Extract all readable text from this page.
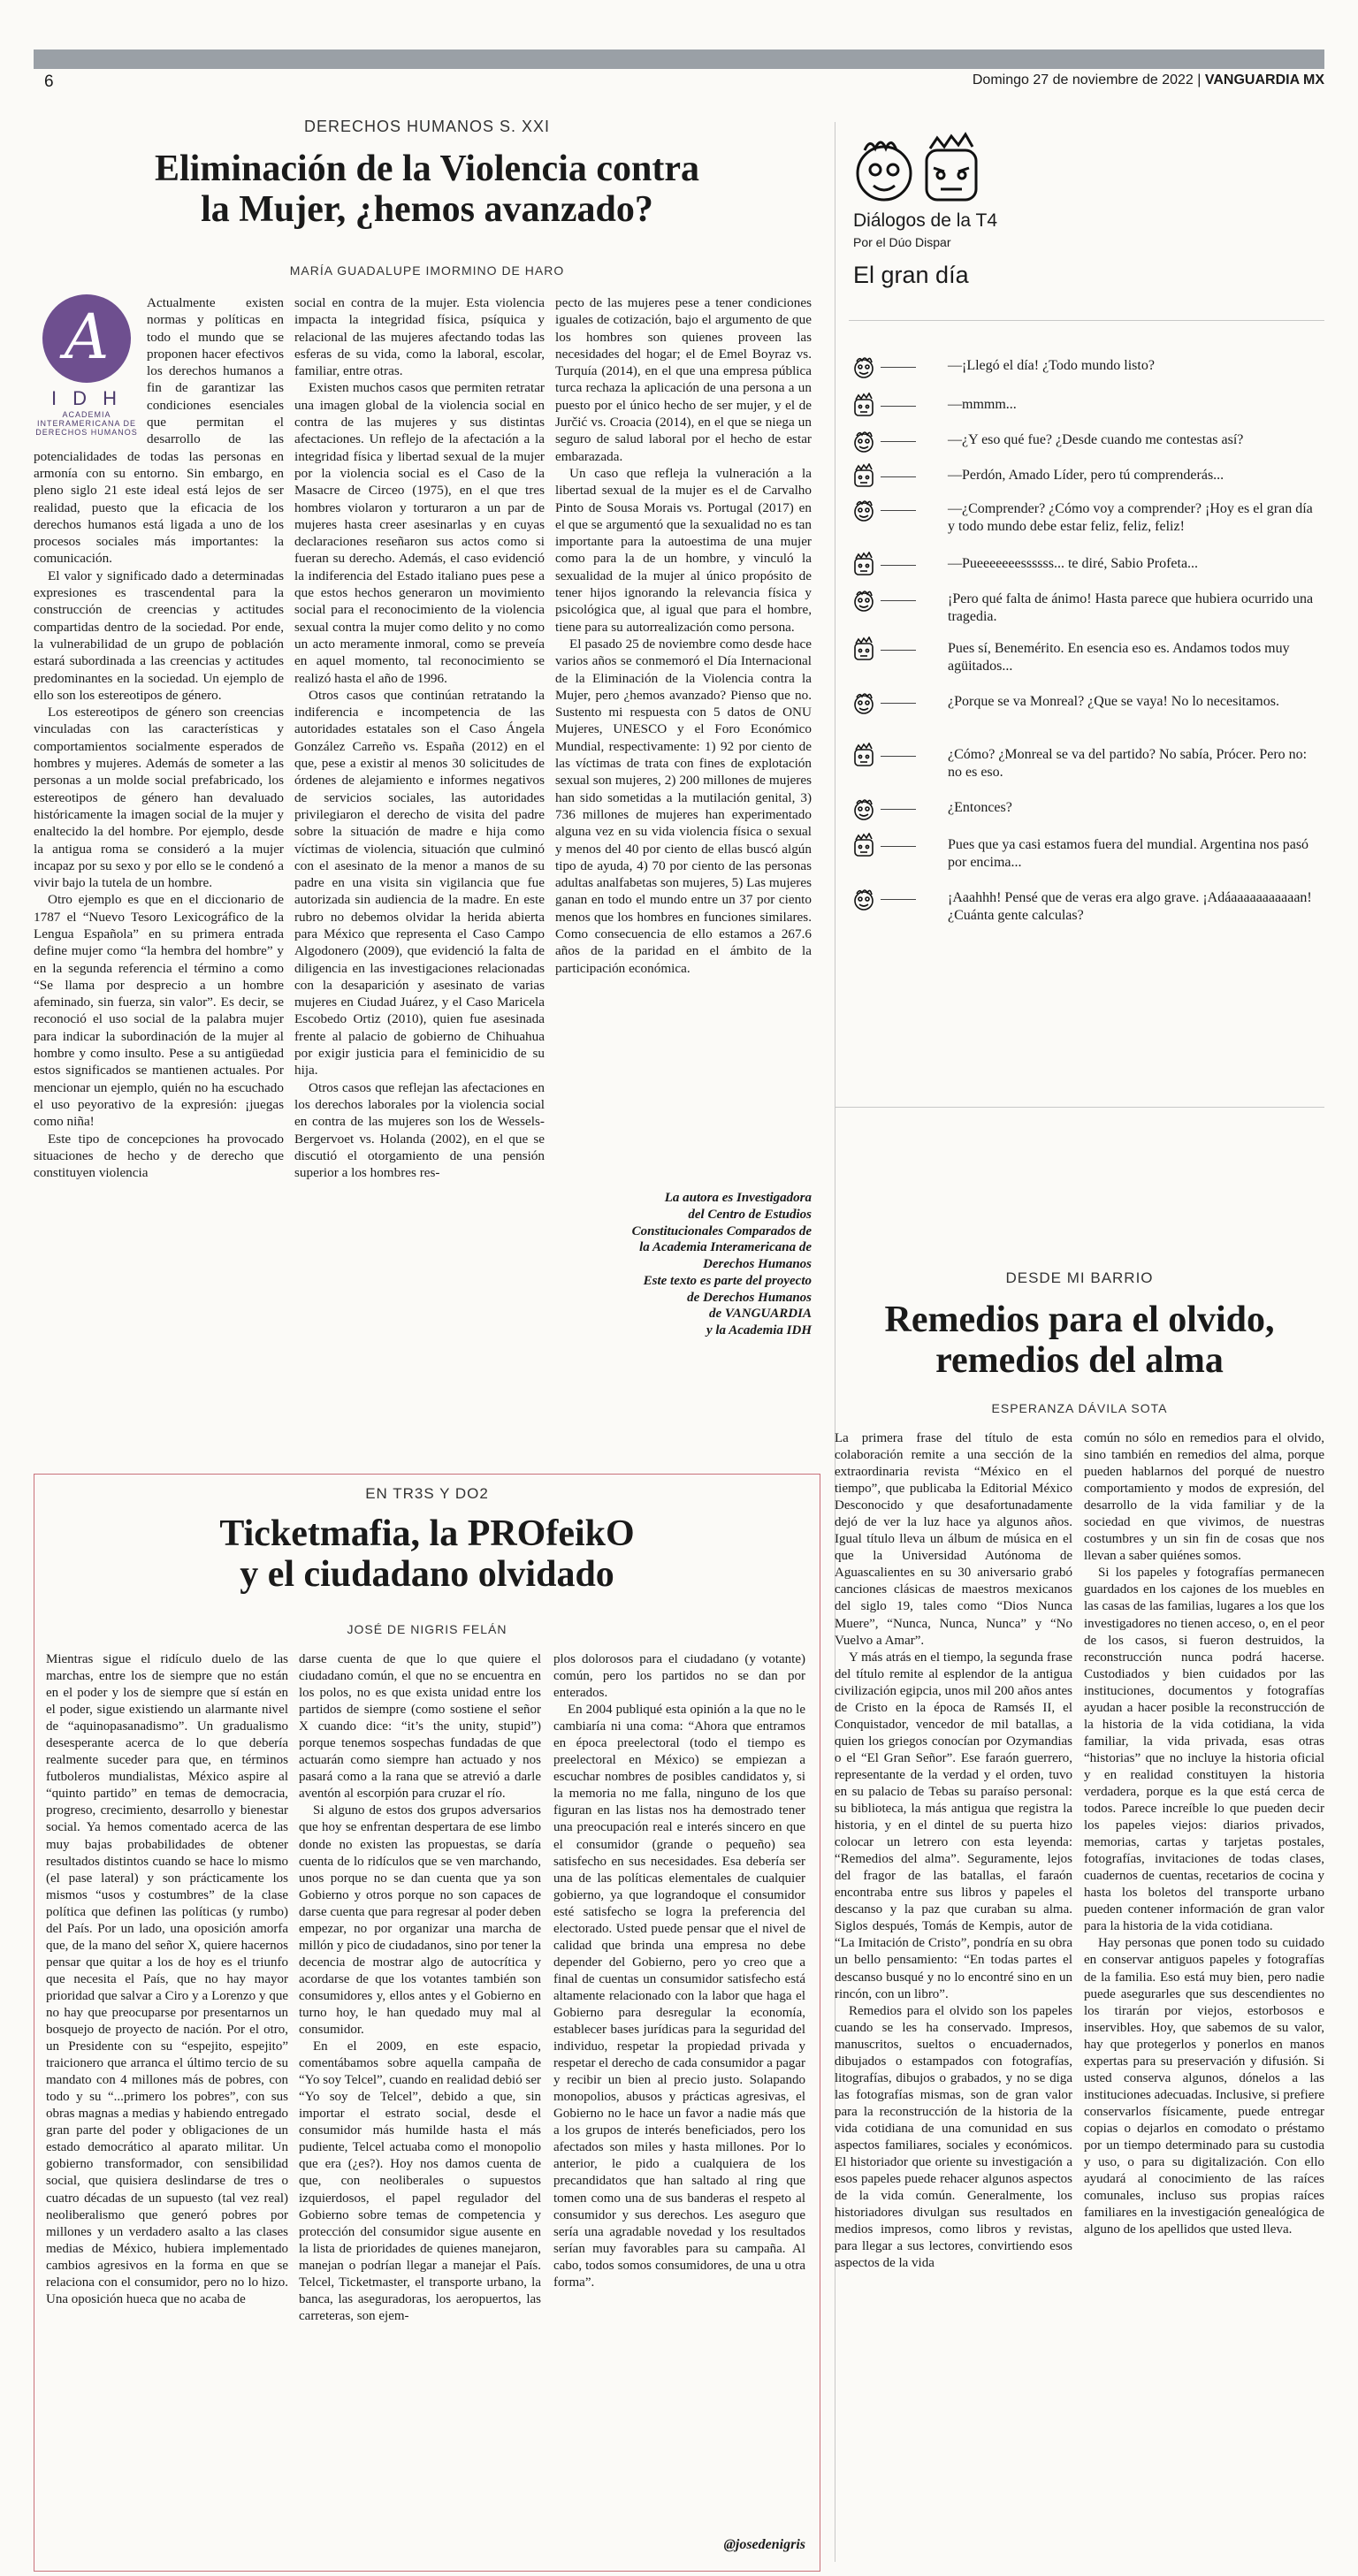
6	Domingo 27 de noviembre de 2022 | VANGUARDIA MX
DERECHOS HUMANOS S. XXI
Eliminación de la Violencia contra
la Mujer, ¿hemos avanzado?
MARÍA GUADALUPE IMORMINO DE HARO
A
I D H
ACADEMIA INTERAMERICANA DE DERECHOS HUMANOS

Actualmente existen normas y políticas en todo el mundo que se proponen hacer efectivos los derechos humanos a fin de garantizar las condiciones esenciales que permitan el desarrollo de las potencialidades de todas las personas en armonía con su entorno. Sin embargo, en pleno siglo 21 este ideal está lejos de ser realidad, puesto que la eficacia de los derechos humanos está ligada a uno de los procesos sociales más importantes: la comunicación.

El valor y significado dado a determinadas expresiones es trascendental para la construcción de creencias y actitudes compartidas dentro de la sociedad. Por ende, la vulnerabilidad de un grupo de población estará subordinada a las creencias y actitudes predominantes en la sociedad. Un ejemplo de ello son los estereotipos de género.

Los estereotipos de género son creencias vinculadas con las características y comportamientos socialmente esperados de hombres y mujeres. Además de someter a las personas a un molde social prefabricado, los estereotipos de género han devaluado históricamente la imagen social de la mujer y enaltecido la del hombre. Por ejemplo, desde la antigua roma se consideró a la mujer incapaz por su sexo y por ello se le condenó a vivir bajo la tutela de un hombre.

Otro ejemplo es que en el diccionario de 1787 el “Nuevo Tesoro Lexicográfico de la Lengua Española” en su primera entrada define mujer como “la hembra del hombre” y en la segunda referencia el término a como “Se llama por desprecio a un hombre afeminado, sin fuerza, sin valor”. Es decir, se reconoció el uso social de la palabra mujer para indicar la subordinación de la mujer al hombre y como insulto. Pese a su antigüedad estos significados se mantienen actuales. Por mencionar un ejemplo, quién no ha escuchado el uso peyorativo de la expresión: ¡juegas como niña!

Este tipo de concepciones ha provocado situaciones de hecho y de derecho que constituyen violencia

social en contra de la mujer. Esta violencia impacta la integridad física, psíquica y relacional de las mujeres afectando todas las esferas de su vida, como la laboral, escolar, familiar, entre otras.

Existen muchos casos que permiten retratar una imagen global de la violencia social en contra de las mujeres y sus distintas afectaciones. Un reflejo de la afectación a la integridad física y libertad sexual de la mujer por la violencia social es el Caso de la Masacre de Circeo (1975), en el que tres hombres violaron y torturaron a un par de mujeres hasta creer asesinarlas y en cuyas declaraciones reseñaron sus actos como si fueran su derecho. Además, el caso evidenció la indiferencia del Estado italiano pues pese a que estos hechos generaron un movimiento social para el reconocimiento de la violencia sexual contra la mujer como delito y no como un acto meramente inmoral, como se preveía en aquel momento, tal reconocimiento se realizó hasta el año de 1996.

Otros casos que continúan retratando la indiferencia e incompetencia de las autoridades estatales son el Caso Ángela González Carreño vs. España (2012) en el que, pese a existir al menos 30 solicitudes de órdenes de alejamiento e informes negativos de servicios sociales, las autoridades privilegiaron el derecho de visita del padre sobre la situación de madre e hija como víctimas de violencia, situación que culminó con el asesinato de la menor a manos de su padre en una visita sin vigilancia que fue autorizada sin audiencia de la madre. En este rubro no debemos olvidar la herida abierta para México que representa el Caso Campo Algodonero (2009), que evidenció la falta de diligencia en las investigaciones relacionadas con la desaparición y asesinato de varias mujeres en Ciudad Juárez, y el Caso Maricela Escobedo Ortiz (2010), quien fue asesinada frente al palacio de gobierno de Chihuahua por exigir justicia para el feminicidio de su hija.

Otros casos que reflejan las afectaciones en los derechos laborales por la violencia social en contra de las mujeres son los de Wessels-Bergervoet vs. Holanda (2002), en el que se discutió el otorgamiento de una pensión superior a los hombres res-

pecto de las mujeres pese a tener condiciones iguales de cotización, bajo el argumento de que los hombres son quienes proveen las necesidades del hogar; el de Emel Boyraz vs. Turquía (2014), en el que una empresa pública turca rechaza la aplicación de una persona a un puesto por el único hecho de ser mujer, y el de Jurčić vs. Croacia (2014), en el que se niega un seguro de salud laboral por el hecho de estar embarazada.

Un caso que refleja la vulneración a la libertad sexual de la mujer es el de Carvalho Pinto de Sousa Morais vs. Portugal (2017) en el que se argumentó que la sexualidad no es tan importante para la autoestima de una mujer como para la de un hombre, y vinculó la sexualidad de la mujer al único propósito de tener hijos ignorando la relevancia física y psicológica que, al igual que para el hombre, tiene para su autorrealización como persona.

El pasado 25 de noviembre como desde hace varios años se conmemoró el Día Internacional de la Eliminación de la Violencia contra la Mujer, pero ¿hemos avanzado? Pienso que no. Sustento mi respuesta con 5 datos de ONU Mujeres, UNESCO y el Foro Económico Mundial, respectivamente: 1) 92 por ciento de las víctimas de trata con fines de explotación sexual son mujeres, 2) 200 millones de mujeres han sido sometidas a la mutilación genital, 3) 736 millones de mujeres han experimentado alguna vez en su vida violencia física o sexual y menos del 40 por ciento de ellas buscó algún tipo de ayuda, 4) 70 por ciento de las personas adultas analfabetas son mujeres, 5) Las mujeres ganan en todo el mundo entre un 37 por ciento menos que los hombres en funciones similares. Como consecuencia de ello estamos a 267.6 años de la paridad en el ámbito de la participación económica.

La autora es Investigadora
del Centro de Estudios
Constitucionales Comparados de
la Academia Interamericana de
Derechos Humanos
Este texto es parte del proyecto
de Derechos Humanos
de VANGUARDIA
y la Academia IDH
Diálogos de la T4
Por el Dúo Dispar
El gran día
—¡Llegó el día! ¿Todo mundo listo?
—mmmm...
—¿Y eso qué fue? ¿Desde cuando me contestas así?
—Perdón, Amado Líder, pero tú comprenderás...
—¿Comprender? ¿Cómo voy a comprender? ¡Hoy es el gran día y todo mundo debe estar feliz, feliz, feliz!
—Pueeeeeeessssss... te diré, Sabio Profeta...
¡Pero qué falta de ánimo! Hasta parece que hubiera ocurrido una tragedia.
Pues sí, Benemérito. En esencia eso es. Andamos todos muy agüitados...
¿Porque se va Monreal? ¿Que se vaya! No lo necesitamos.
¿Cómo? ¿Monreal se va del partido? No sabía, Prócer. Pero no: no es eso.
¿Entonces?
Pues que ya casi estamos fuera del mundial. Argentina nos pasó por encima...
¡Aaahhh! Pensé que de veras era algo grave. ¡Adáaaaaaaaaaaan! ¿Cuánta gente calculas?
DESDE MI BARRIO
Remedios para el olvido,
remedios del alma
ESPERANZA DÁVILA SOTA

La primera frase del título de esta colaboración remite a una sección de la extraordinaria revista “México en el tiempo”, que publicaba la Editorial México Desconocido y que desafortunadamente dejó de ver la luz hace ya algunos años. Igual título lleva un álbum de música en el que la Universidad Autónoma de Aguascalientes en su 30 aniversario grabó canciones clásicas de maestros mexicanos del siglo 19, tales como “Dios Nunca Muere”, “Nunca, Nunca, Nunca” y “No Vuelvo a Amar”.

Y más atrás en el tiempo, la segunda frase del título remite al esplendor de la antigua civilización egipcia, unos mil 200 años antes de Cristo en la época de Ramsés II, el Conquistador, vencedor de mil batallas, a quien los griegos conocían por Ozymandias o el “El Gran Señor”. Ese faraón guerrero, representante de la verdad y el orden, tuvo en su palacio de Tebas su paraíso personal: su biblioteca, la más antigua que registra la historia, y en el dintel de su puerta hizo colocar un letrero con esta leyenda: “Remedios del alma”. Seguramente, lejos del fragor de las batallas, el faraón encontraba entre sus libros y papeles el descanso y la paz que curaban su alma. Siglos después, Tomás de Kempis, autor de “La Imitación de Cristo”, pondría en su obra un bello pensamiento: “En todas partes el descanso busqué y no lo encontré sino en un rincón, con un libro”.

Remedios para el olvido son los papeles cuando se les ha conservado. Impresos, manuscritos, sueltos o encuadernados, dibujados o estampados con fotografías, litografías, dibujos o grabados, y no se diga las fotografías mismas, son de gran valor para la reconstrucción de la historia de la vida cotidiana de una comunidad en sus aspectos familiares, sociales y económicos. El historiador que oriente su investigación a esos papeles puede rehacer algunos aspectos de la vida común. Generalmente, los historiadores divulgan sus resultados en medios impresos, como libros y revistas, para llegar a sus lectores, convirtiendo esos aspectos de la vida

común no sólo en remedios para el olvido, sino también en remedios del alma, porque pueden hablarnos del porqué de nuestro comportamiento y modos de expresión, del desarrollo de la vida familiar y de la sociedad en que vivimos, de nuestras costumbres y un sin fin de cosas que nos llevan a saber quiénes somos.

Si los papeles y fotografías permanecen guardados en los cajones de los muebles en las casas de las familias, lugares a los que los investigadores no tienen acceso, o, en el peor de los casos, si fueron destruidos, la reconstrucción nunca podrá hacerse. Custodiados y bien cuidados por las instituciones, documentos y fotografías ayudan a hacer posible la reconstrucción de la historia de la vida cotidiana, la vida familiar, la vida privada, esas otras “historias” que no incluye la historia oficial y en realidad constituyen la historia verdadera, porque es la que está cerca de todos. Parece increíble lo que pueden decir los papeles viejos: diarios privados, memorias, cartas y tarjetas postales, fotografías, invitaciones de todas clases, cuadernos de cuentas, recetarios de cocina y hasta los boletos del transporte urbano pueden contener información de gran valor para la historia de la vida cotidiana.

Hay personas que ponen todo su cuidado en conservar antiguos papeles y fotografías de la familia. Eso está muy bien, pero nadie puede asegurarles que sus descendientes no los tirarán por viejos, estorbosos e inservibles. Hoy, que sabemos de su valor, hay que protegerlos y ponerlos en manos expertas para su preservación y difusión. Si usted conserva algunos, dónelos a las instituciones adecuadas. Inclusive, si prefiere conservarlos físicamente, puede entregar copias o dejarlos en comodato o préstamo por un tiempo determinado para su custodia y uso, o para su digitalización. Con ello ayudará al conocimiento de las raíces comunales, incluso sus propias raíces familiares en la investigación genealógica de alguno de los apellidos que usted lleva.

EN TR3S Y DO2
Ticketmafia, la PROfeikO
y el ciudadano olvidado
JOSÉ DE NIGRIS FELÁN

Mientras sigue el ridículo duelo de las marchas, entre los de siempre que no están en el poder y los de siempre que sí están en el poder, sigue existiendo un alarmante nivel de “aquinopasanadismo”. Un gradualismo desesperante acerca de lo que debería realmente suceder para que, en términos futboleros mundialistas, México aspire al “quinto partido” en temas de democracia, progreso, crecimiento, desarrollo y bienestar social. Ya hemos comentado acerca de las muy bajas probabilidades de obtener resultados distintos cuando se hace lo mismo (el pase lateral) y son prácticamente los mismos “usos y costumbres” de la clase política que definen las políticas (y rumbo) del País. Por un lado, una oposición amorfa que, de la mano del señor X, quiere hacernos pensar que quitar a los de hoy es el triunfo que necesita el País, que no hay mayor prioridad que salvar a Ciro y a Lorenzo y que no hay que preocuparse por presentarnos un bosquejo de proyecto de nación. Por el otro, un Presidente con su “espejito, espejito” traicionero que arranca el último tercio de su mandato con 4 millones más de pobres, con todo y su “...primero los pobres”, con sus obras magnas a medias y habiendo entregado gran parte del poder y obligaciones de un estado democrático al aparato militar. Un gobierno transformador, con sensibilidad social, que quisiera deslindarse de tres o cuatro décadas de un supuesto (tal vez real) neoliberalismo que generó pobres por millones y un verdadero asalto a las clases medias de México, hubiera implementado cambios agresivos en la forma en que se relaciona con el consumidor, pero no lo hizo. Una oposición hueca que no acaba de

darse cuenta de que lo que quiere el ciudadano común, el que no se encuentra en los polos, no es que exista unidad entre los partidos de siempre (como sostiene el señor X cuando dice: “it’s the unity, stupid”) porque tenemos sospechas fundadas de que actuarán como siempre han actuado y nos pasará como a la rana que se atrevió a darle aventón al escorpión para cruzar el río.

Si alguno de estos dos grupos adversarios que hoy se enfrentan despertara de ese limbo donde no existen las propuestas, se daría cuenta de lo ridículos que se ven marchando, unos porque no se dan cuenta que ya son Gobierno y otros porque no son capaces de darse cuenta que para regresar al poder deben empezar, no por organizar una marcha de millón y pico de ciudadanos, sino por tener la decencia de mostrar algo de autocrítica y acordarse de que los votantes también son consumidores y, ellos antes y el Gobierno en turno hoy, le han quedado muy mal al consumidor.

En el 2009, en este espacio, comentábamos sobre aquella campaña de “Yo soy Telcel”, cuando en realidad debió ser “Yo soy de Telcel”, debido a que, sin importar el estrato social, desde el consumidor más humilde hasta el más pudiente, Telcel actuaba como el monopolio que era (¿es?). Hoy nos damos cuenta de que, con neoliberales o supuestos izquierdosos, el papel regulador del Gobierno sobre temas de competencia y protección del consumidor sigue ausente en la lista de prioridades de quienes manejaron, manejan o podrían llegar a manejar el País. Telcel, Ticketmaster, el transporte urbano, la banca, las aseguradoras, los aeropuertos, las carreteras, son ejem-

plos dolorosos para el ciudadano (y votante) común, pero los partidos no se dan por enterados.

En 2004 publiqué esta opinión a la que no le cambiaría ni una coma: “Ahora que entramos en época preelectoral (todo el tiempo es preelectoral en México) se empiezan a escuchar nombres de posibles candidatos y, si la memoria no me falla, ninguno de los que figuran en las listas nos ha demostrado tener una preocupación real e interés sincero en que el consumidor (grande o pequeño) sea satisfecho en sus necesidades. Esa debería ser una de las políticas elementales de cualquier gobierno, ya que lograndoque el consumidor esté satisfecho se logra la preferencia del electorado. Usted puede pensar que el nivel de calidad que brinda una empresa no debe depender del Gobierno, pero yo creo que a final de cuentas un consumidor satisfecho está altamente relacionado con la labor que haga el Gobierno para desregular la economía, establecer bases jurídicas para la seguridad del individuo, respetar la propiedad privada y respetar el derecho de cada consumidor a pagar y recibir un bien al precio justo. Solapando monopolios, abusos y prácticas agresivas, el Gobierno no le hace un favor a nadie más que a los grupos de interés beneficiados, pero los afectados son miles y hasta millones. Por lo anterior, le pido a cualquiera de los precandidatos que han saltado al ring que tomen como una de sus banderas el respeto al consumidor y sus derechos. Les aseguro que sería una agradable novedad y los resultados serían muy favorables para su campaña. Al cabo, todos somos consumidores, de una u otra forma”.

@josedenigris
